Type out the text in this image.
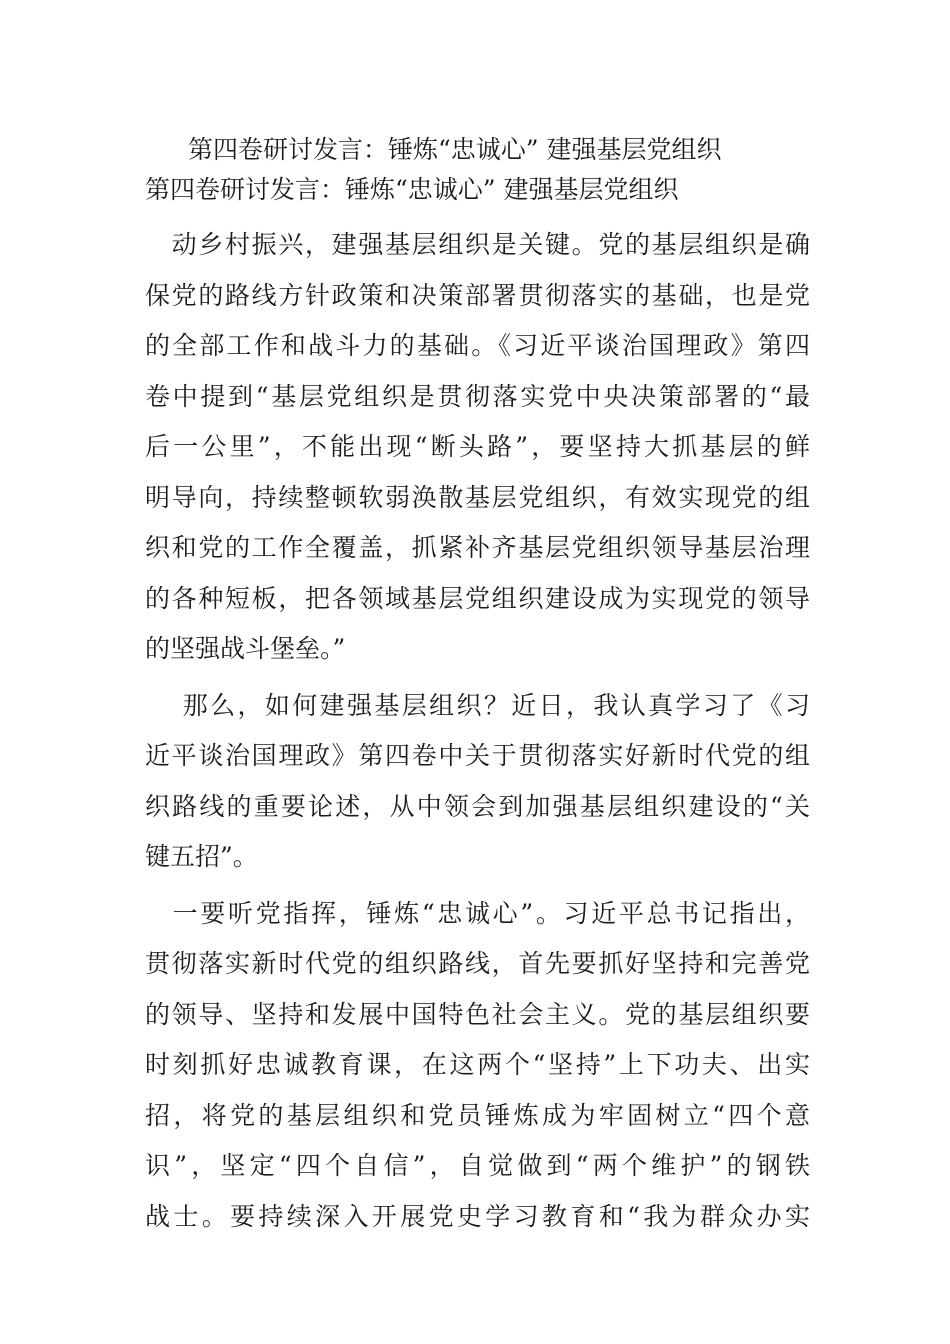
第四卷研讨发言：锤炼“忠诚心” 建强基层党组织

第四卷研讨发言：锤炼“忠诚心” 建强基层党组织

　动乡村振兴，建强基层组织是关键。党的基层组织是确
保党的路线方针政策和决策部署贯彻落实的基础，也是党
的全部工作和战斗力的基础。《习近平谈治国理政》第四
卷中提到“基层党组织是贯彻落实党中央决策部署的“最
后一公里”，不能出现“断头路”，要坚持大抓基层的鲜
明导向，持续整顿软弱涣散基层党组织，有效实现党的组
织和党的工作全覆盖，抓紧补齐基层党组织领导基层治理
的各种短板，把各领域基层党组织建设成为实现党的领导
的坚强战斗堡垒。”
　 那么，如何建强基层组织？近日，我认真学习了《习
近平谈治国理政》第四卷中关于贯彻落实好新时代党的组
织路线的重要论述，从中领会到加强基层组织建设的“关
键五招”。
　一要听党指挥，锤炼“忠诚心”。习近平总书记指出，
贯彻落实新时代党的组织路线，首先要抓好坚持和完善党
的领导、坚持和发展中国特色社会主义。党的基层组织要
时刻抓好忠诚教育课，在这两个“坚持”上下功夫、出实
招，将党的基层组织和党员锤炼成为牢固树立“四个意
识”，坚定“四个自信”，自觉做到“两个维护”的钢铁
战士。要持续深入开展党史学习教育和“我为群众办实
